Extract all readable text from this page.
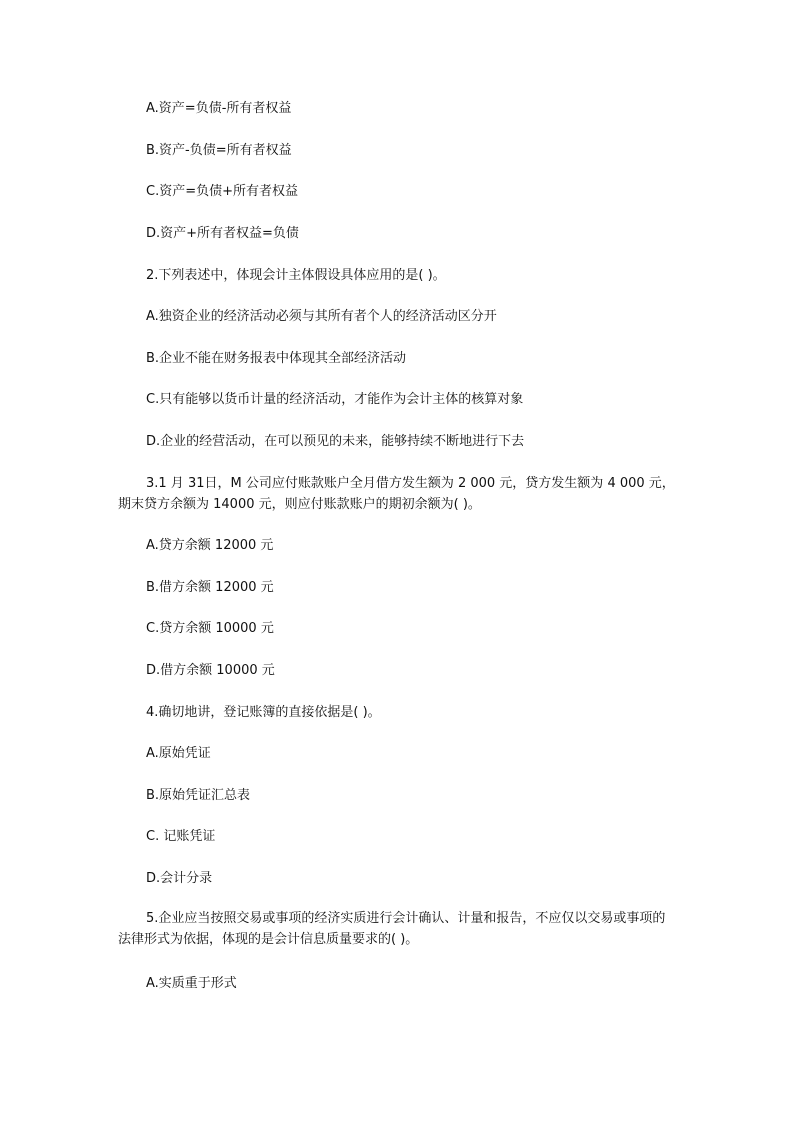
A.资产=负债-所有者权益

B.资产-负债=所有者权益

C.资产=负债+所有者权益

D.资产+所有者权益=负债

2.下列表述中，体现会计主体假设具体应用的是( )。

A.独资企业的经济活动必须与其所有者个人的经济活动区分开

B.企业不能在财务报表中体现其全部经济活动

C.只有能够以货币计量的经济活动，才能作为会计主体的核算对象

D.企业的经营活动，在可以预见的未来，能够持续不断地进行下去

3.1 月 31日，M 公司应付账款账户全月借方发生额为 2 000 元，贷方发生额为 4 000 元，期末贷方余额为 14000 元，则应付账款账户的期初余额为( )。

A.贷方余额 12000 元

B.借方余额 12000 元

C.贷方余额 10000 元

D.借方余额 10000 元

4.确切地讲，登记账簿的直接依据是( )。

A.原始凭证

B.原始凭证汇总表

C. 记账凭证

D.会计分录

5.企业应当按照交易或事项的经济实质进行会计确认、计量和报告，不应仅以交易或事项的法律形式为依据，体现的是会计信息质量要求的( )。

A.实质重于形式
